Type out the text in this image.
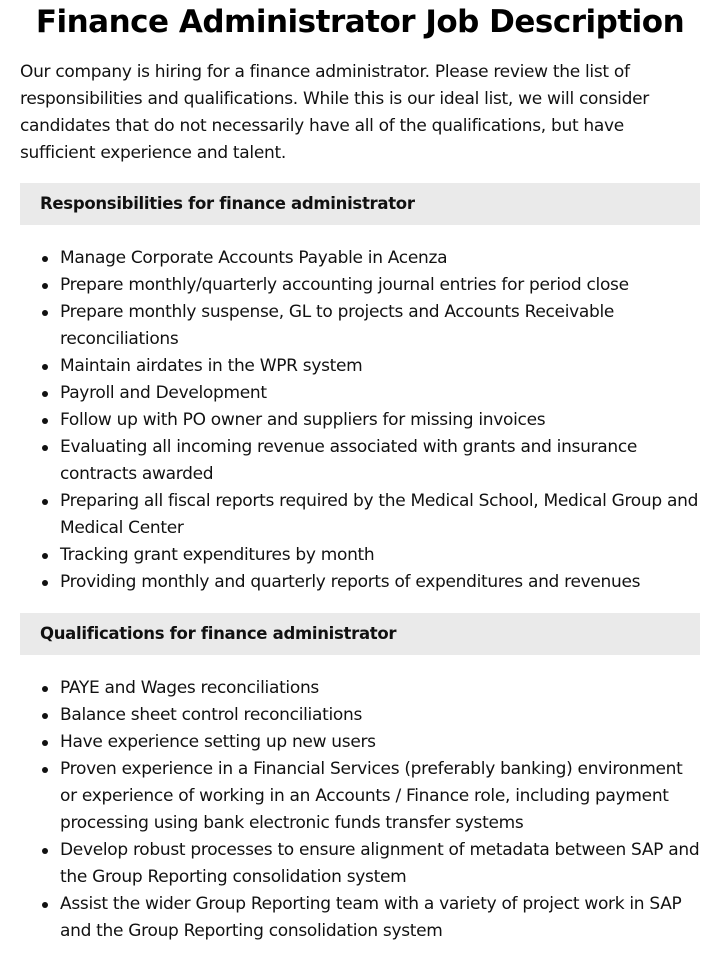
Finance Administrator Job Description

Our company is hiring for a finance administrator. Please review the list of responsibilities and qualifications. While this is our ideal list, we will consider candidates that do not necessarily have all of the qualifications, but have sufficient experience and talent.

Responsibilities for finance administrator
Manage Corporate Accounts Payable in Acenza
Prepare monthly/quarterly accounting journal entries for period close
Prepare monthly suspense, GL to projects and Accounts Receivable reconciliations
Maintain airdates in the WPR system
Payroll and Development
Follow up with PO owner and suppliers for missing invoices
Evaluating all incoming revenue associated with grants and insurance contracts awarded
Preparing all fiscal reports required by the Medical School, Medical Group and Medical Center
Tracking grant expenditures by month
Providing monthly and quarterly reports of expenditures and revenues
Qualifications for finance administrator
PAYE and Wages reconciliations
Balance sheet control reconciliations
Have experience setting up new users
Proven experience in a Financial Services (preferably banking) environment or experience of working in an Accounts / Finance role, including payment processing using bank electronic funds transfer systems
Develop robust processes to ensure alignment of metadata between SAP and the Group Reporting consolidation system
Assist the wider Group Reporting team with a variety of project work in SAP and the Group Reporting consolidation system
